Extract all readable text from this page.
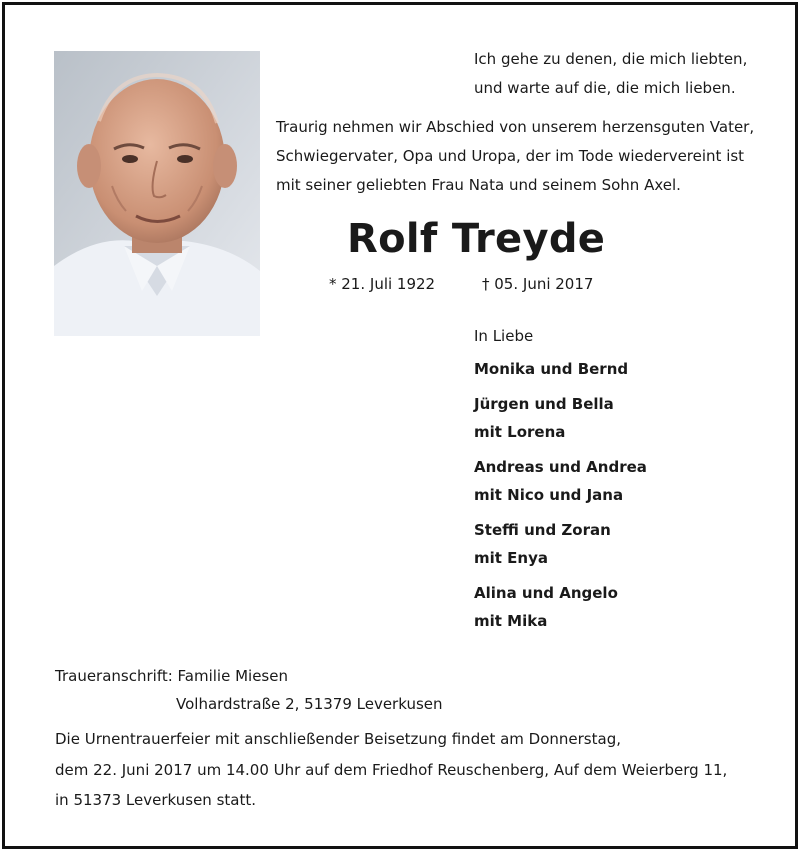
Ich gehe zu denen, die mich liebten,
und warte auf die, die mich lieben.
Traurig nehmen wir Abschied von unserem herzensguten Vater,
Schwiegervater, Opa und Uropa, der im Tode wiedervereint ist
mit seiner geliebten Frau Nata und seinem Sohn Axel.
Rolf Treyde
* 21. Juli 1922	† 05. Juni 2017
In Liebe
Monika und Bernd
Jürgen und Bella
mit Lorena
Andreas und Andrea
mit Nico und Jana
Steffi und Zoran
mit Enya
Alina und Angelo
mit Mika
Traueranschrift: Familie Miesen
Volhardstraße 2, 51379 Leverkusen
Die Urnentrauerfeier mit anschließender Beisetzung findet am Donnerstag,
dem 22. Juni 2017 um 14.00 Uhr auf dem Friedhof Reuschenberg, Auf dem Weierberg 11,
in 51373 Leverkusen statt.
